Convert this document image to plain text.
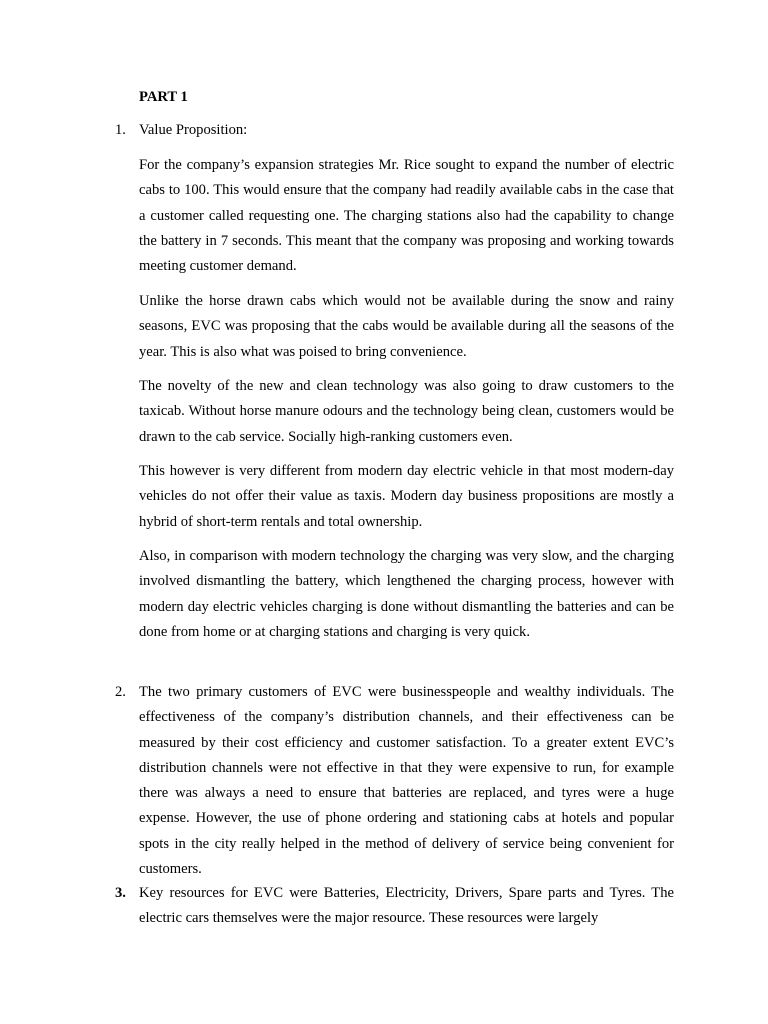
PART 1
1. Value Proposition:

For the company’s expansion strategies Mr. Rice sought to expand the number of electric cabs to 100. This would ensure that the company had readily available cabs in the case that a customer called requesting one. The charging stations also had the capability to change the battery in 7 seconds. This meant that the company was proposing and working towards meeting customer demand.

Unlike the horse drawn cabs which would not be available during the snow and rainy seasons, EVC was proposing that the cabs would be available during all the seasons of the year. This is also what was poised to bring convenience.

The novelty of the new and clean technology was also going to draw customers to the taxicab. Without horse manure odours and the technology being clean, customers would be drawn to the cab service. Socially high-ranking customers even.

This however is very different from modern day electric vehicle in that most modern-day vehicles do not offer their value as taxis. Modern day business propositions are mostly a hybrid of short-term rentals and total ownership.

Also, in comparison with modern technology the charging was very slow, and the charging involved dismantling the battery, which lengthened the charging process, however with modern day electric vehicles charging is done without dismantling the batteries and can be done from home or at charging stations and charging is very quick.

2. The two primary customers of EVC were businesspeople and wealthy individuals. The effectiveness of the company’s distribution channels, and their effectiveness can be measured by their cost efficiency and customer satisfaction. To a greater extent EVC’s distribution channels were not effective in that they were expensive to run, for example there was always a need to ensure that batteries are replaced, and tyres were a huge expense. However, the use of phone ordering and stationing cabs at hotels and popular spots in the city really helped in the method of delivery of service being convenient for customers.

3. Key resources for EVC were Batteries, Electricity, Drivers, Spare parts and Tyres. The electric cars themselves were the major resource. These resources were largely
